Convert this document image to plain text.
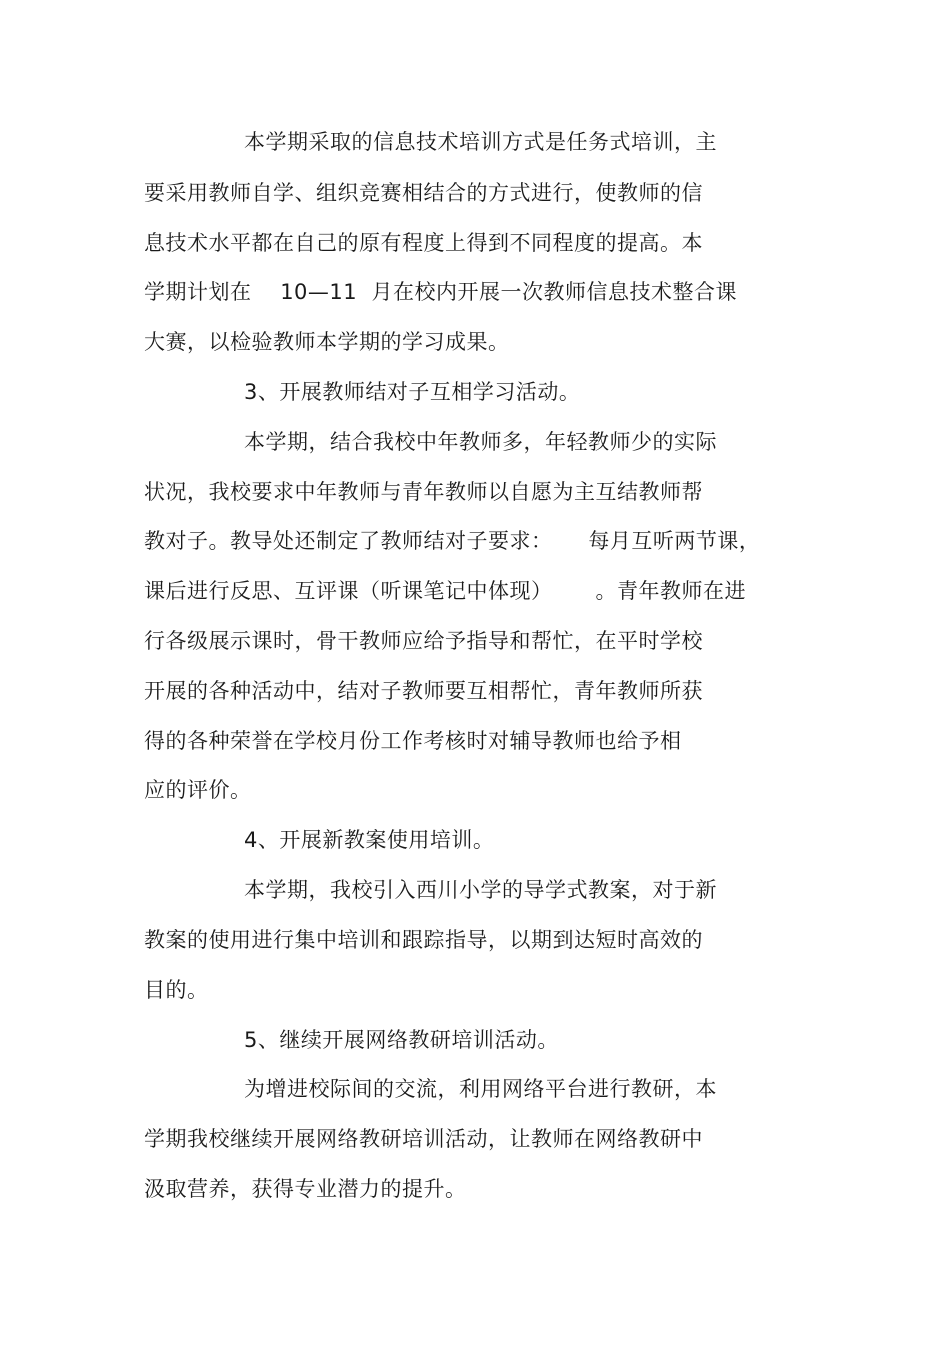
本学期采取的信息技术培训方式是任务式培训，主
要采用教师自学、组织竞赛相结合的方式进行，使教师的信
息技术水平都在自己的原有程度上得到不同程度的提高。本
学期计划在    10—11  月在校内开展一次教师信息技术整合课
大赛，以检验教师本学期的学习成果。
3、开展教师结对子互相学习活动。
本学期，结合我校中年教师多，年轻教师少的实际
状况，我校要求中年教师与青年教师以自愿为主互结教师帮
教对子。教导处还制定了教师结对子要求：     每月互听两节课，
课后进行反思、互评课（听课笔记中体现）      。青年教师在进
行各级展示课时，骨干教师应给予指导和帮忙，在平时学校
开展的各种活动中，结对子教师要互相帮忙，青年教师所获
得的各种荣誉在学校月份工作考核时对辅导教师也给予相
应的评价。
4、开展新教案使用培训。
本学期，我校引入西川小学的导学式教案，对于新
教案的使用进行集中培训和跟踪指导，以期到达短时高效的
目的。
5、继续开展网络教研培训活动。
为增进校际间的交流，利用网络平台进行教研，本
学期我校继续开展网络教研培训活动，让教师在网络教研中
汲取营养，获得专业潜力的提升。
